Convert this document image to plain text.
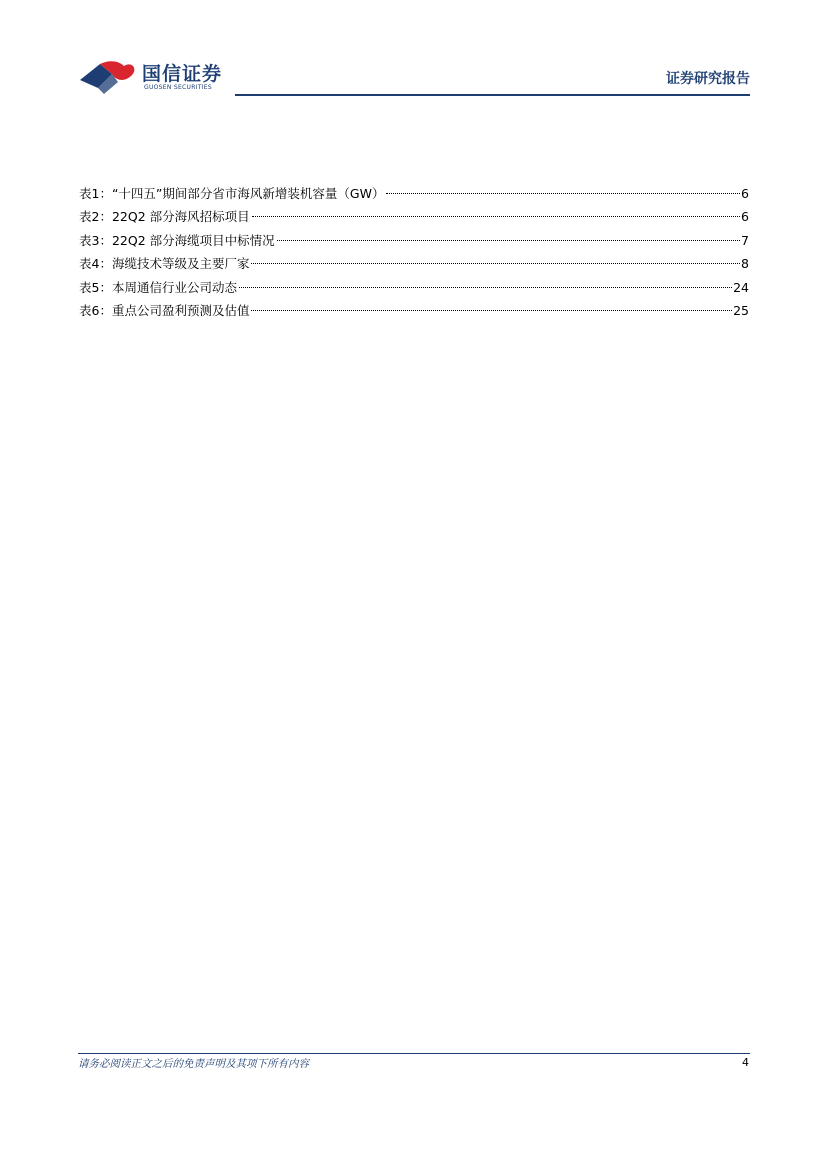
国信证券
GUOSEN SECURITIES
证券研究报告
表1：“十四五”期间部分省市海风新增装机容量（GW）	6
表2：22Q2 部分海风招标项目	6
表3：22Q2 部分海缆项目中标情况	7
表4：海缆技术等级及主要厂家	8
表5：本周通信行业公司动态	24
表6：重点公司盈利预测及估值	25
请务必阅读正文之后的免责声明及其项下所有内容	4
